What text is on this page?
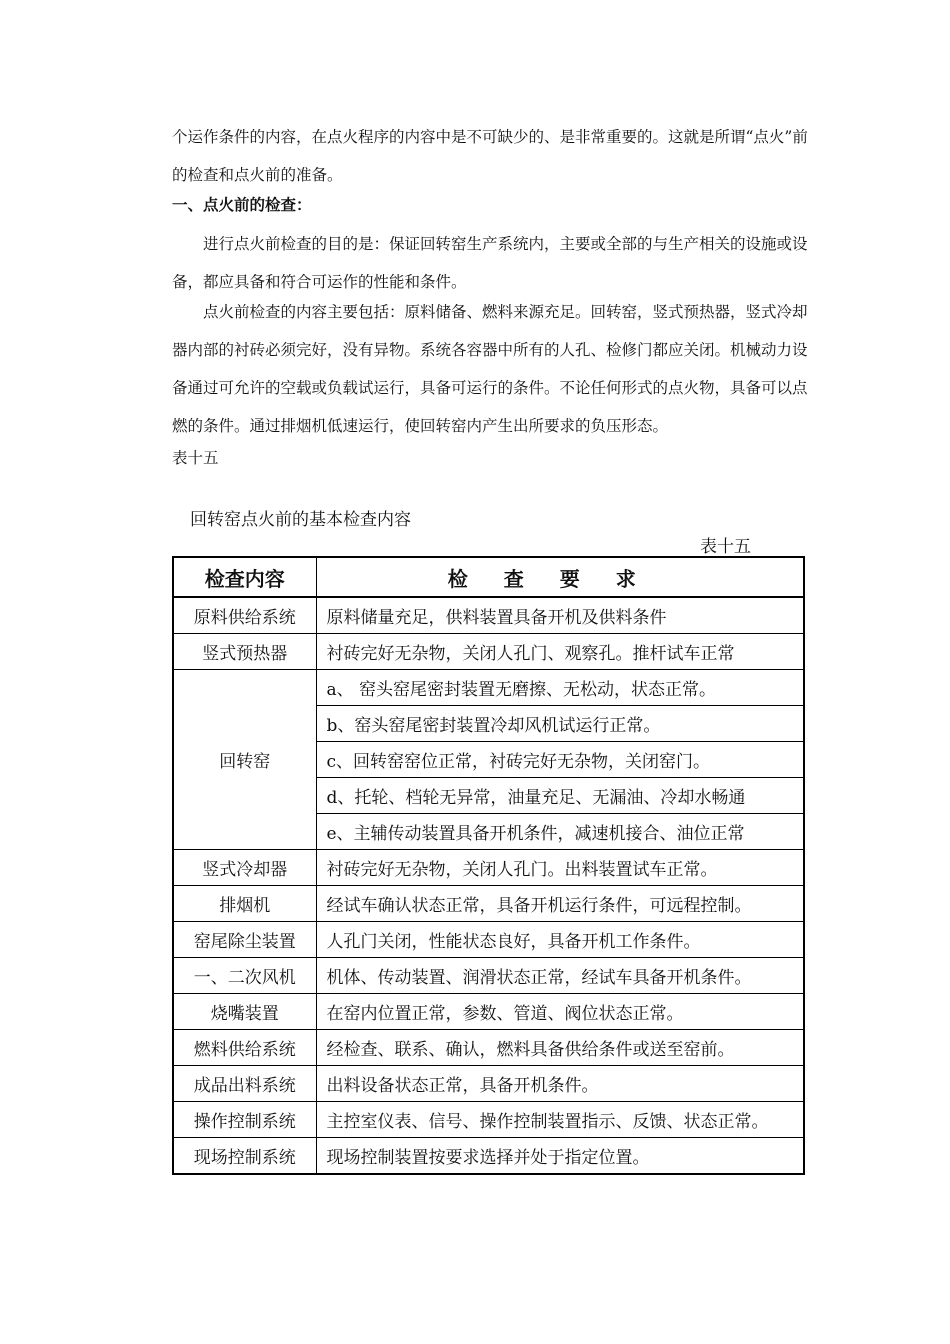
个运作条件的内容，在点火程序的内容中是不可缺少的、是非常重要的。这就是所谓“点火”前的检查和点火前的准备。

一、点火前的检查：

进行点火前检查的目的是：保证回转窑生产系统内，主要或全部的与生产相关的设施或设备，都应具备和符合可运作的性能和条件。

点火前检查的内容主要包括：原料储备、燃料来源充足。回转窑，竖式预热器，竖式冷却器内部的衬砖必须完好，没有异物。系统各容器中所有的人孔、检修门都应关闭。机械动力设备通过可允许的空载或负载试运行，具备可运行的条件。不论任何形式的点火物，具备可以点燃的条件。通过排烟机低速运行，使回转窑内产生出所要求的负压形态。

表十五
回转窑点火前的基本检查内容
表十五
检查内容	检查要求
原料供给系统	原料储量充足，供料装置具备开机及供料条件
竖式预热器	衬砖完好无杂物，关闭人孔门、观察孔。推杆试车正常
回转窑	a、 窑头窑尾密封装置无磨擦、无松动，状态正常。
	b、窑头窑尾密封装置冷却风机试运行正常。
	c、回转窑窑位正常，衬砖完好无杂物，关闭窑门。
	d、托轮、档轮无异常，油量充足、无漏油、冷却水畅通
	e、主辅传动装置具备开机条件，减速机接合、油位正常
竖式冷却器	衬砖完好无杂物，关闭人孔门。出料装置试车正常。
排烟机	经试车确认状态正常，具备开机运行条件，可远程控制。
窑尾除尘装置	人孔门关闭，性能状态良好，具备开机工作条件。
一、二次风机	机体、传动装置、润滑状态正常，经试车具备开机条件。
烧嘴装置	在窑内位置正常，参数、管道、阀位状态正常。
燃料供给系统	经检查、联系、确认，燃料具备供给条件或送至窑前。
成品出料系统	出料设备状态正常，具备开机条件。
操作控制系统	主控室仪表、信号、操作控制装置指示、反馈、状态正常。
现场控制系统	现场控制装置按要求选择并处于指定位置。
